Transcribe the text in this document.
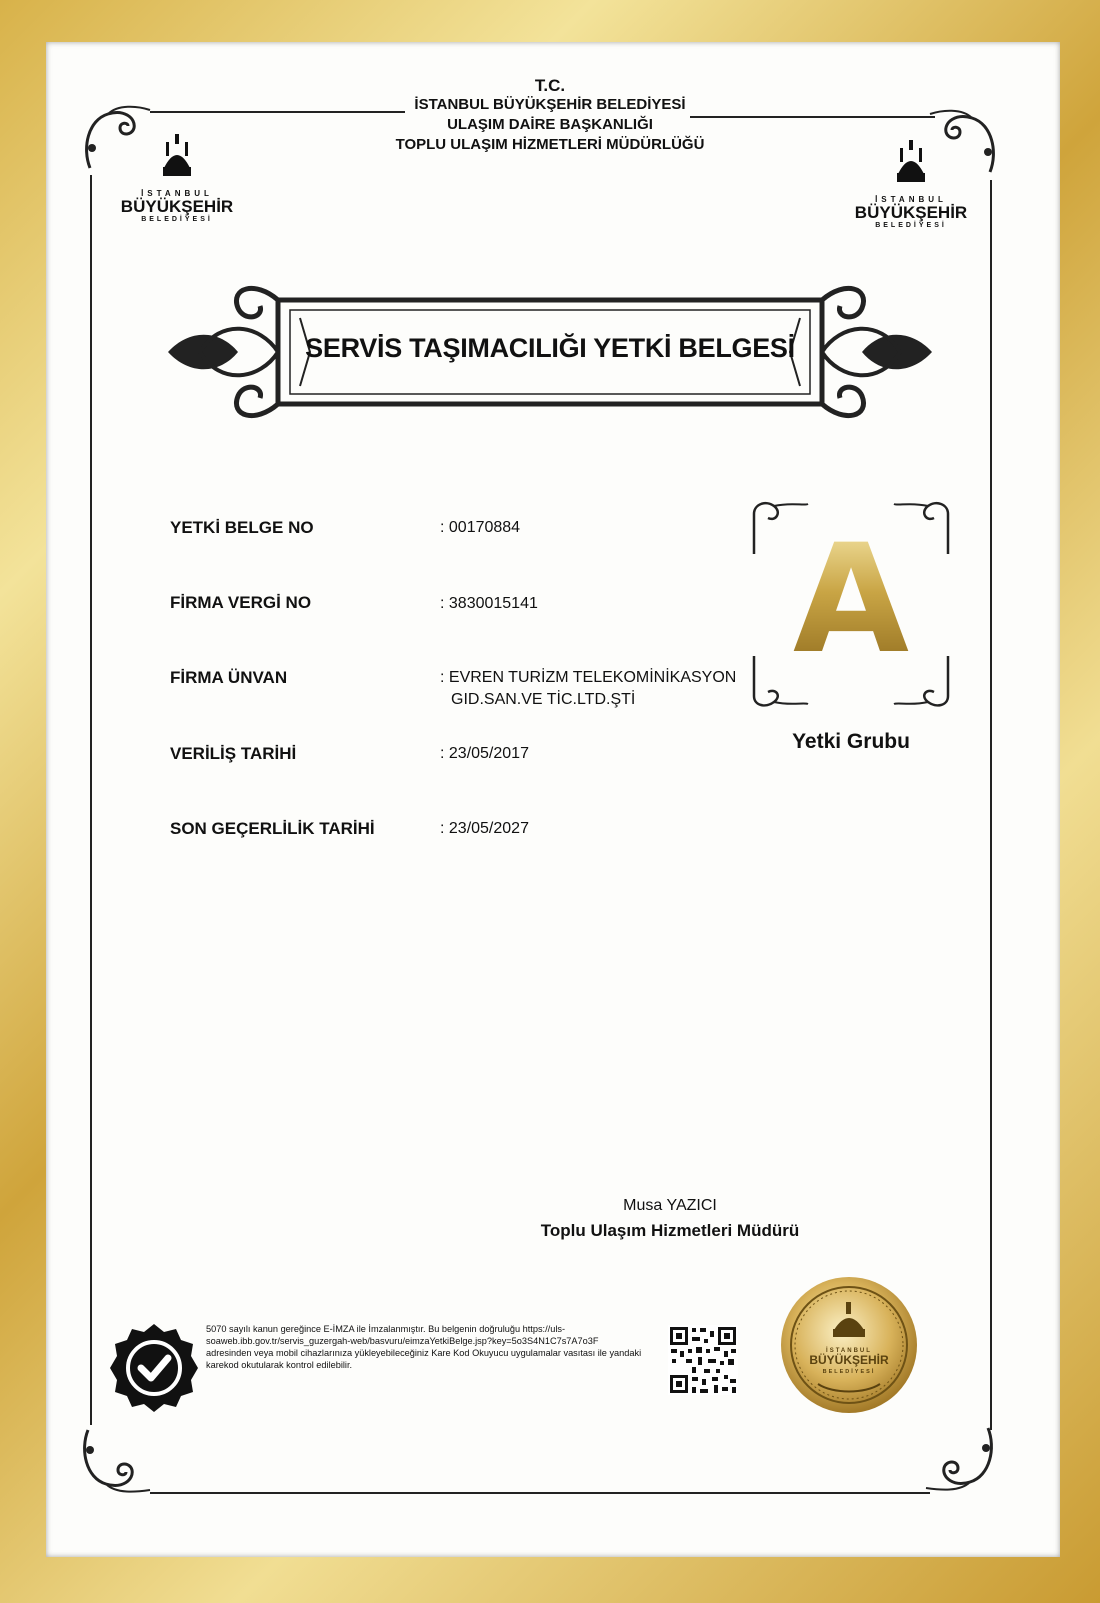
T.C.
İSTANBUL BÜYÜKŞEHİR BELEDİYESİ
ULAŞIM DAİRE BAŞKANLIĞI
TOPLU ULAŞIM HİZMETLERİ MÜDÜRLÜĞÜ
İSTANBUL
BÜYÜKŞEHİR
BELEDİYESİ
İSTANBUL
BÜYÜKŞEHİR
BELEDİYESİ
SERVİS TAŞIMACILIĞI YETKİ BELGESİ
YETKİ BELGE NO	: 00170884
FİRMA VERGİ NO	: 3830015141
FİRMA ÜNVAN	: EVREN TURİZM TELEKOMİNİKASYON
GID.SAN.VE TİC.LTD.ŞTİ
VERİLİŞ TARİHİ	: 23/05/2017
SON GEÇERLİLİK TARİHİ	: 23/05/2027
A
Yetki Grubu
Musa YAZICI
Toplu Ulaşım Hizmetleri Müdürü
5070 sayılı kanun gereğince E-İMZA ile İmzalanmıştır. Bu belgenin doğruluğu https://uls-soaweb.ibb.gov.tr/servis_guzergah-web/basvuru/eimzaYetkiBelge.jsp?key=5o3S4N1C7s7A7o3F adresinden veya mobil cihazlarınıza yükleyebileceğiniz Kare Kod Okuyucu uygulamalar vasıtası ile yandaki karekod okutularak kontrol edilebilir.
İSTANBUL
BÜYÜKŞEHİR
BELEDİYESİ
